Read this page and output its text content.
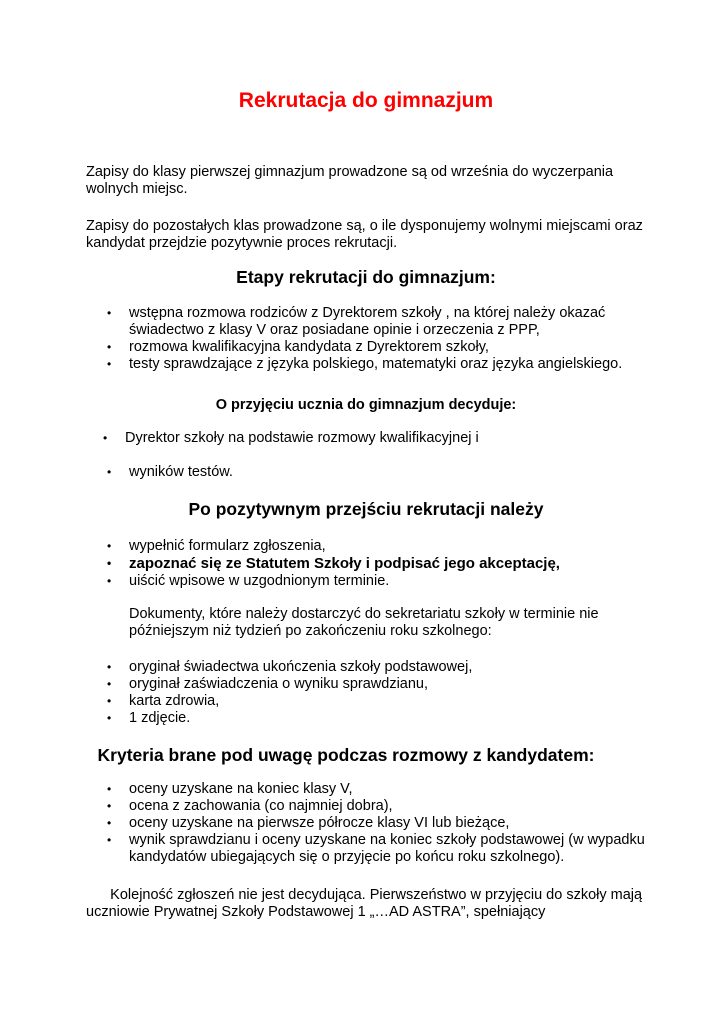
Rekrutacja do gimnazjum

Zapisy do klasy pierwszej gimnazjum prowadzone są od września do wyczerpania wolnych miejsc.

Zapisy do pozostałych klas prowadzone są, o ile dysponujemy wolnymi miejscami oraz kandydat przejdzie pozytywnie proces rekrutacji.

Etapy rekrutacji do gimnazjum:
• wstępna rozmowa rodziców z Dyrektorem szkoły , na której należy okazać świadectwo z klasy V oraz posiadane opinie i orzeczenia z PPP,
• rozmowa kwalifikacyjna kandydata z Dyrektorem szkoły,
• testy sprawdzające z języka polskiego, matematyki oraz języka angielskiego.
O przyjęciu ucznia do gimnazjum decyduje:
• Dyrektor szkoły na podstawie rozmowy kwalifikacyjnej i
• wyników testów.
Po pozytywnym przejściu rekrutacji należy
• wypełnić formularz zgłoszenia,
• zapoznać się ze Statutem Szkoły i podpisać jego akceptację,
• uiścić wpisowe w uzgodnionym terminie.

Dokumenty, które należy dostarczyć do sekretariatu szkoły w terminie nie późniejszym niż tydzień po zakończeniu roku szkolnego:

• oryginał świadectwa ukończenia szkoły podstawowej,
• oryginał zaświadczenia o wyniku sprawdzianu,
• karta zdrowia,
• 1 zdjęcie.
Kryteria brane pod uwagę podczas rozmowy z kandydatem:
• oceny uzyskane na koniec klasy V,
• ocena z zachowania (co najmniej dobra),
• oceny uzyskane na pierwsze półrocze klasy VI lub bieżące,
• wynik sprawdzianu i oceny uzyskane na koniec szkoły podstawowej (w wypadku kandydatów ubiegających się o przyjęcie po końcu roku szkolnego).

Kolejność zgłoszeń nie jest decydująca. Pierwszeństwo w przyjęciu do szkoły mają uczniowie Prywatnej Szkoły Podstawowej 1 „…AD ASTRA”, spełniający
